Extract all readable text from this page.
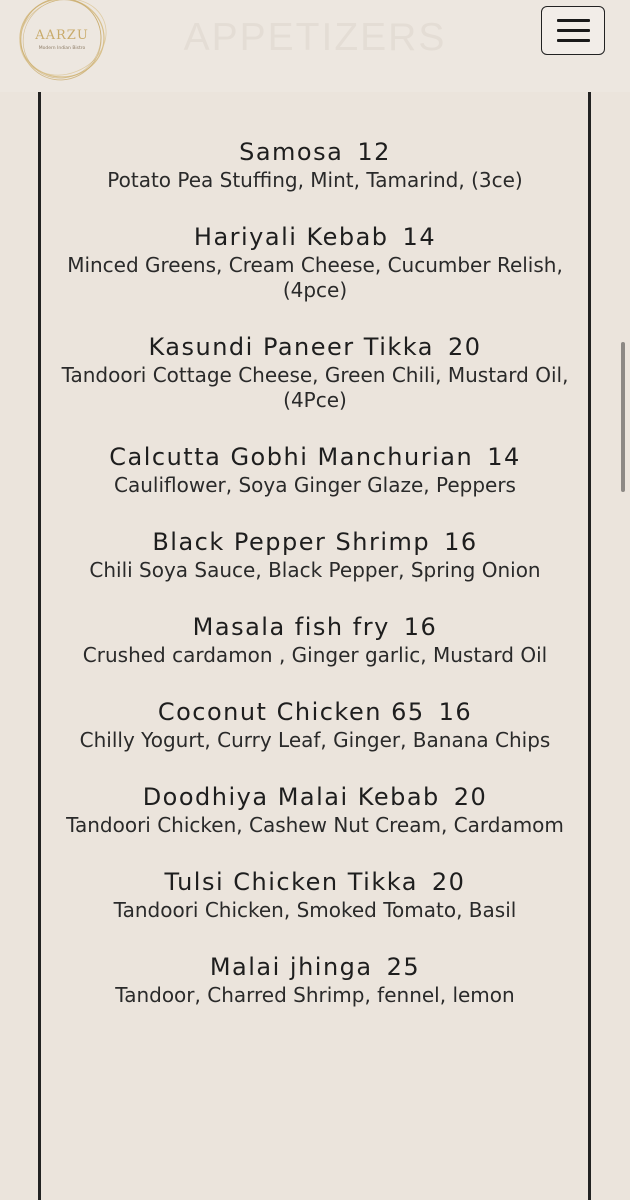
AARZU
Modern Indian Bistro	APPETIZERS
Samosa 12
Potato Pea Stuffing, Mint, Tamarind, (3ce)
Hariyali Kebab 14
Minced Greens, Cream Cheese, Cucumber Relish, (4pce)
Kasundi Paneer Tikka 20
Tandoori Cottage Cheese, Green Chili, Mustard Oil, (4Pce)
Calcutta Gobhi Manchurian 14
Cauliflower, Soya Ginger Glaze, Peppers
Black Pepper Shrimp 16
Chili Soya Sauce, Black Pepper, Spring Onion
Masala fish fry 16
Crushed cardamon , Ginger garlic, Mustard Oil
Coconut Chicken 65 16
Chilly Yogurt, Curry Leaf, Ginger, Banana Chips
Doodhiya Malai Kebab 20
Tandoori Chicken, Cashew Nut Cream, Cardamom
Tulsi Chicken Tikka 20
Tandoori Chicken, Smoked Tomato, Basil
Malai jhinga 25
Tandoor, Charred Shrimp, fennel, lemon
